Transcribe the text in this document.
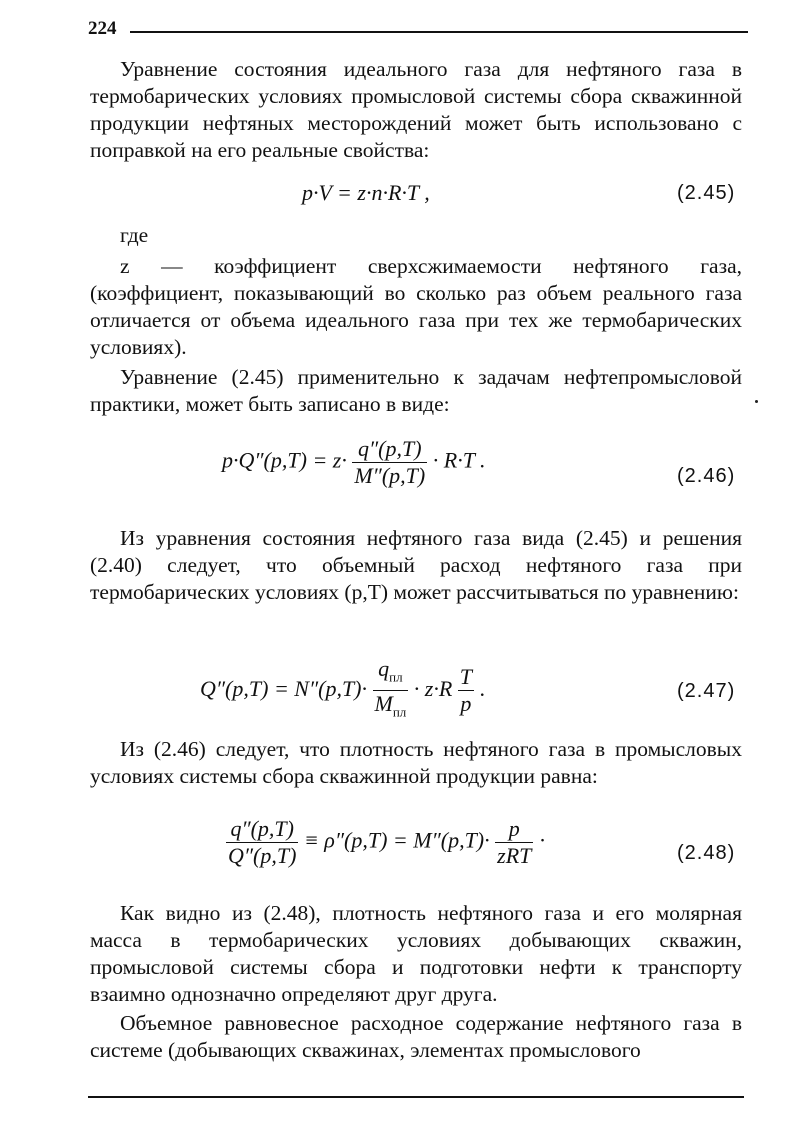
224

Уравнение состояния идеального газа для нефтяного газа в термобарических условиях промысловой системы сбора скважинной продукции нефтяных месторождений может быть использовано с поправкой на его реальные свойства:

p·V = z·n·R·T ,	(2.45)
где

z — коэффициент сверхсжимаемости нефтяного газа, (коэффициент, показывающий во сколько раз объем реального газа отличается от объема идеального газа при тех же термобарических условиях).

Уравнение (2.45) применительно к задачам нефтепромысловой практики, может быть записано в виде:

$p\cdot Q''(p,T) = z\cdot \frac{q''(p,T)}{M''(p,T)} \cdot R\cdot T$ .
(2.46)

Из уравнения состояния нефтяного газа вида (2.45) и решения (2.40) следует, что объемный расход нефтяного газа при термобарических условиях (p,T) может рассчитываться по уравнению:

$Q''(p,T) = N''(p,T)\cdot \frac{q_{пл}}{M_{пл}} \cdot z\cdot R \frac{T}{p}$ .	(2.47)

Из (2.46) следует, что плотность нефтяного газа в промысловых условиях системы сбора скважинной продукции равна:

$\frac{q''(p,T)}{Q''(p,T)} \equiv \rho''(p,T) = M''(p,T)\cdot \frac{p}{\text{zRT}}$ ·
(2.48)

Как видно из (2.48), плотность нефтяного газа и его молярная масса в термобарических условиях добывающих скважин, промысловой системы сбора и подготовки нефти к транспорту взаимно однозначно определяют друг друга.

Объемное равновесное расходное содержание нефтяного газа в системе (добывающих скважинах, элементах промыслового
